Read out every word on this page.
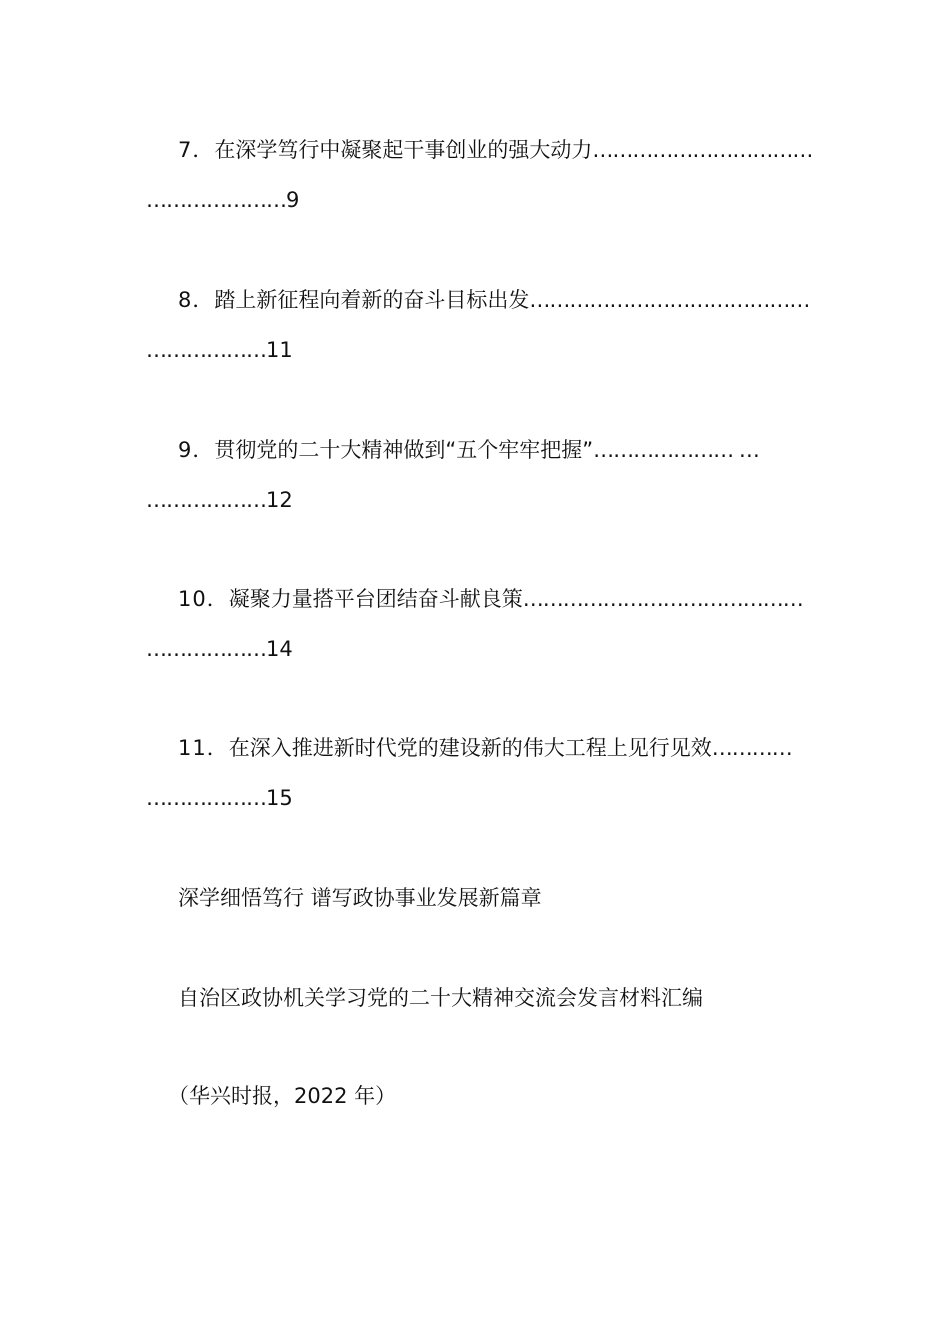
7．在深学笃行中凝聚起干事创业的强大动力……………………………
…………………9
8．踏上新征程向着新的奋斗目标出发……………………………………
………………11
9．贯彻党的二十大精神做到“五个牢牢把握”………………… …
………………12
10．凝聚力量搭平台团结奋斗献良策……………………………………
………………14
11．在深入推进新时代党的建设新的伟大工程上见行见效…………
………………15
深学细悟笃行 谱写政协事业发展新篇章
自治区政协机关学习党的二十大精神交流会发言材料汇编
（华兴时报，2022 年）
